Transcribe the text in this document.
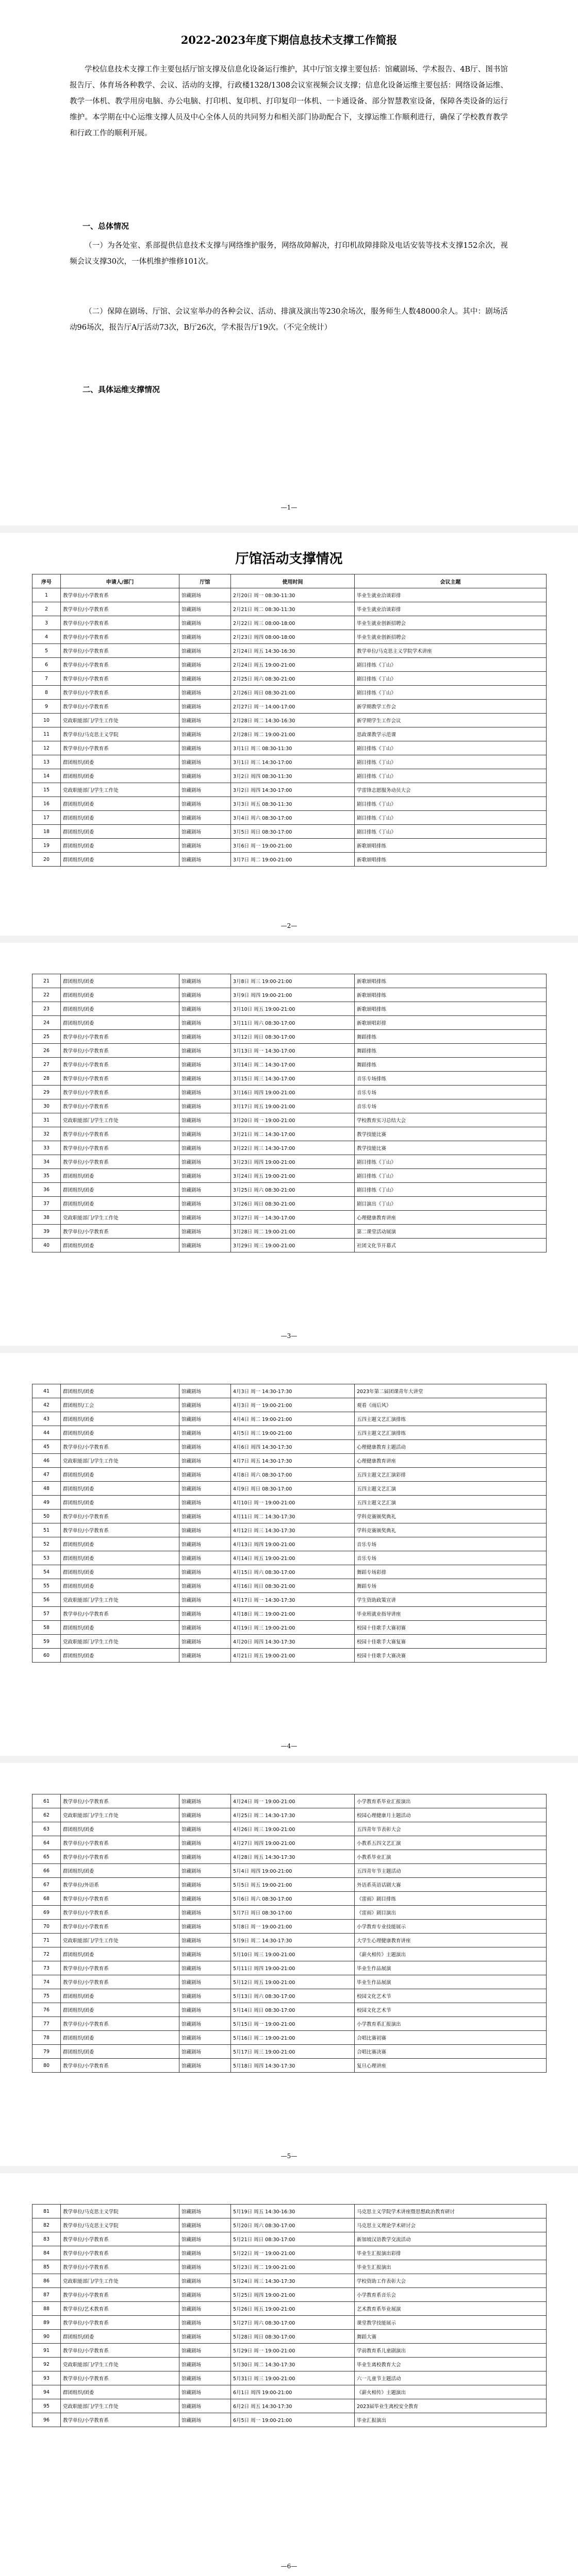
2022-2023年度下期信息技术支撑工作简报
学校信息技术支撑工作主要包括厅馆支撑及信息化设备运行维护，其中厅馆支撑主要包括：馆藏剧场、学术报告、4B厅、图书馆报告厅、体育场各种教学、会议、活动的支撑，行政楼1328/1308会议室视频会议支撑；信息化设备运维主要包括：网络设备运维、教学一体机、教学用房电脑、办公电脑、打印机、复印机、打印复印一体机、一卡通设备、部分智慧教室设备，保障各类设备的运行维护。本学期在中心运维支撑人员及中心全体人员的共同努力和相关部门协助配合下，支撑运维工作顺利进行，确保了学校教育教学和行政工作的顺利开展。
一、总体情况
（一）为各处室、系部提供信息技术支撑与网络维护服务，网络故障解决，打印机故障排除及电话安装等技术支撑152余次，视频会议支撑30次，一体机维护维修101次。
（二）保障在剧场、厅馆、会议室举办的各种会议、活动、排演及演出等230余场次，服务师生人数48000余人。其中：剧场活动96场次，报告厅A厅活动73次，B厅26次，学术报告厅19次。（不完全统计）
二、具体运维支撑情况
—1—
厅馆活动支撑情况
序号	申请人/部门	厅馆	使用时间	会议主题
1	教学单位/小学教育系	馆藏剧场	2月20日 周一 08:30-11:30	毕业生就业洽谈彩排
2	教学单位/小学教育系	馆藏剧场	2月21日 周二 08:30-11:30	毕业生就业洽谈彩排
3	教学单位/小学教育系	馆藏剧场	2月22日 周三 08:00-18:00	毕业生就业创新招聘会
4	教学单位/小学教育系	馆藏剧场	2月23日 周四 08:00-18:00	毕业生就业创新招聘会
5	教学单位/小学教育系	馆藏剧场	2月24日 周五 14:30-16:30	教学单位/马克思主义学院学术讲座
6	教学单位/小学教育系	馆藏剧场	2月24日 周五 19:00-21:00	剧目排练《丁山》
7	教学单位/小学教育系	馆藏剧场	2月25日 周六 08:30-21:00	剧目排练《丁山》
8	教学单位/小学教育系	馆藏剧场	2月26日 周日 08:30-21:00	剧目排练《丁山》
9	教学单位/小学教育系	馆藏剧场	2月27日 周一 14:00-17:00	新学期教学工作会
10	党政职能部门/学生工作处	馆藏剧场	2月28日 周二 14:30-16:30	新学期学生工作会议
11	教学单位/马克思主义学院	馆藏剧场	2月28日 周二 19:00-21:00	思政课教学示范课
12	教学单位/小学教育系	馆藏剧场	3月1日 周三 08:30-11:30	剧目排练《丁山》
13	群团组织/团委	馆藏剧场	3月1日 周三 14:30-17:00	剧目排练《丁山》
14	群团组织/团委	馆藏剧场	3月2日 周四 08:30-11:30	剧目排练《丁山》
15	党政职能部门/学生工作处	馆藏剧场	3月2日 周四 14:30-17:00	学雷锋志愿服务动员大会
16	群团组织/团委	馆藏剧场	3月3日 周五 08:30-11:30	剧目排练《丁山》
17	群团组织/团委	馆藏剧场	3月4日 周六 08:30-17:00	剧目排练《丁山》
18	群团组织/团委	馆藏剧场	3月5日 周日 08:30-17:00	剧目排练《丁山》
19	群团组织/团委	馆藏剧场	3月6日 周一 19:00-21:00	新歌颂唱排练
20	群团组织/团委	馆藏剧场	3月7日 周二 19:00-21:00	新歌颂唱排练
—2—
21	群团组织/团委	馆藏剧场	3月8日 周三 19:00-21:00	新歌颂唱排练
22	群团组织/团委	馆藏剧场	3月9日 周四 19:00-21:00	新歌颂唱排练
23	群团组织/团委	馆藏剧场	3月10日 周五 19:00-21:00	新歌颂唱排练
24	群团组织/团委	馆藏剧场	3月11日 周六 08:30-17:00	新歌颂唱彩排
25	教学单位/小学教育系	馆藏剧场	3月12日 周日 08:30-17:00	舞蹈排练
26	教学单位/小学教育系	馆藏剧场	3月13日 周一 14:30-17:00	舞蹈排练
27	教学单位/小学教育系	馆藏剧场	3月14日 周二 14:30-17:00	舞蹈排练
28	教学单位/小学教育系	馆藏剧场	3月15日 周三 14:30-17:00	音乐专场排练
29	教学单位/小学教育系	馆藏剧场	3月16日 周四 19:00-21:00	音乐专场
30	教学单位/小学教育系	馆藏剧场	3月17日 周五 19:00-21:00	音乐专场
31	党政职能部门/学生工作处	馆藏剧场	3月20日 周一 19:00-21:00	学校教育实习总结大会
32	教学单位/小学教育系	馆藏剧场	3月21日 周二 14:30-17:00	教学技能比赛
33	教学单位/小学教育系	馆藏剧场	3月22日 周三 14:30-17:00	教学技能比赛
34	教学单位/小学教育系	馆藏剧场	3月23日 周四 19:00-21:00	剧目排练《丁山》
35	群团组织/团委	馆藏剧场	3月24日 周五 19:00-21:00	剧目排练《丁山》
36	群团组织/团委	馆藏剧场	3月25日 周六 08:30-21:00	剧目排练《丁山》
37	群团组织/团委	馆藏剧场	3月26日 周日 08:30-21:00	剧目演出《丁山》
38	党政职能部门/学生工作处	馆藏剧场	3月27日 周一 14:30-17:00	心理健康教育讲座
39	教学单位/小学教育系	馆藏剧场	3月28日 周二 19:00-21:00	第二课堂活动展演
40	群团组织/团委	馆藏剧场	3月29日 周三 19:00-21:00	社团文化节开幕式
—3—
41	群团组织/团委	馆藏剧场	4月3日 周一 14:30-17:30	2023年第二届团课青年大讲堂
42	群团组织/工会	馆藏剧场	4月3日 周一 19:00-21:00	观看《雨后风》
43	群团组织/团委	馆藏剧场	4月4日 周二 19:00-21:00	五四主题文艺汇演排练
44	群团组织/团委	馆藏剧场	4月5日 周三 19:00-21:00	五四主题文艺汇演排练
45	教学单位/小学教育系	馆藏剧场	4月6日 周四 14:30-17:30	心理健康教育主题活动
46	党政职能部门/学生工作处	馆藏剧场	4月7日 周五 14:30-17:30	心理健康教育讲座
47	群团组织/团委	馆藏剧场	4月8日 周六 08:30-17:00	五四主题文艺汇演彩排
48	群团组织/团委	馆藏剧场	4月9日 周日 08:30-17:00	五四主题文艺汇演
49	群团组织/团委	馆藏剧场	4月10日 周一 19:00-21:00	五四主题文艺汇演
50	教学单位/小学教育系	馆藏剧场	4月11日 周二 14:30-17:30	学科竞赛颁奖典礼
51	教学单位/小学教育系	馆藏剧场	4月12日 周三 14:30-17:30	学科竞赛颁奖典礼
52	群团组织/团委	馆藏剧场	4月13日 周四 19:00-21:00	音乐专场
53	群团组织/团委	馆藏剧场	4月14日 周五 19:00-21:00	音乐专场
54	群团组织/团委	馆藏剧场	4月15日 周六 08:30-17:00	舞蹈专场彩排
55	群团组织/团委	馆藏剧场	4月16日 周日 08:30-21:00	舞蹈专场
56	党政职能部门/学生工作处	馆藏剧场	4月17日 周一 14:30-17:30	学生资助政策宣讲
57	教学单位/小学教育系	馆藏剧场	4月18日 周二 19:00-21:00	毕业班就业指导讲座
58	群团组织/团委	馆藏剧场	4月19日 周三 19:00-21:00	校园十佳歌手大赛初赛
59	党政职能部门/学生工作处	馆藏剧场	4月20日 周四 14:30-17:30	校园十佳歌手大赛复赛
60	群团组织/团委	馆藏剧场	4月21日 周五 19:00-21:00	校园十佳歌手大赛决赛
—4—
61	教学单位/小学教育系	馆藏剧场	4月24日 周一 19:00-21:00	小学教育系毕业汇报演出
62	党政职能部门/学生工作处	馆藏剧场	4月25日 周二 14:30-17:30	校园心理健康月主题活动
63	群团组织/团委	馆藏剧场	4月26日 周三 19:00-21:00	五四青年节表彰大会
64	教学单位/小学教育系	馆藏剧场	4月27日 周四 19:00-21:00	小教系五四文艺汇演
65	教学单位/小学教育系	馆藏剧场	4月28日 周五 14:30-17:30	小教系毕业汇演
66	群团组织/团委	馆藏剧场	5月4日 周四 19:00-21:00	五四青年节主题活动
67	教学单位/外语系	馆藏剧场	5月5日 周五 19:00-21:00	外语系英语话剧大赛
68	教学单位/小学教育系	馆藏剧场	5月6日 周六 08:30-17:00	《雷雨》剧目排练
69	教学单位/小学教育系	馆藏剧场	5月7日 周日 08:30-17:00	《雷雨》剧目演出
70	教学单位/小学教育系	馆藏剧场	5月8日 周一 19:00-21:00	小学教育专业技能展示
71	党政职能部门/学生工作处	馆藏剧场	5月9日 周二 14:30-17:30	大学生心理健康教育讲座
72	群团组织/团委	馆藏剧场	5月10日 周三 19:00-21:00	《薪火相传》主题演出
73	教学单位/小学教育系	馆藏剧场	5月11日 周四 19:00-21:00	毕业生作品展演
74	教学单位/小学教育系	馆藏剧场	5月12日 周五 19:00-21:00	毕业生作品展演
75	群团组织/团委	馆藏剧场	5月13日 周六 08:30-17:00	校园文化艺术节
76	群团组织/团委	馆藏剧场	5月14日 周日 08:30-17:00	校园文化艺术节
77	教学单位/小学教育系	馆藏剧场	5月15日 周一 19:00-21:00	小学教育系汇报演出
78	群团组织/团委	馆藏剧场	5月16日 周二 19:00-21:00	合唱比赛初赛
79	群团组织/团委	馆藏剧场	5月17日 周三 19:00-21:00	合唱比赛决赛
80	教学单位/小学教育系	馆藏剧场	5月18日 周四 14:30-17:30	复旦心理讲座
—5—
81	教学单位/马克思主义学院	馆藏剧场	5月19日 周五 14:30-16:30	马克思主义学院学术讲座暨思想政治教育研讨
82	教学单位/马克思主义学院	馆藏剧场	5月20日 周六 08:30-17:00	马克思主义理论学术研讨会
83	教学单位/小学教育系	馆藏剧场	5月21日 周日 08:30-17:00	新加坡汉语教学交流活动
84	教学单位/小学教育系	馆藏剧场	5月22日 周一 19:00-21:00	毕业生汇报演出彩排
85	教学单位/小学教育系	馆藏剧场	5月23日 周二 19:00-21:00	毕业生汇报演出
86	党政职能部门/学生工作处	馆藏剧场	5月24日 周三 14:30-17:30	学校资助工作表彰大会
87	教学单位/小学教育系	馆藏剧场	5月25日 周四 19:00-21:00	小学教育系音乐会
88	教学单位/艺术教育系	馆藏剧场	5月26日 周五 19:00-21:00	艺术教育系毕业展演
89	教学单位/小学教育系	馆藏剧场	5月27日 周六 08:30-17:00	课堂教学技能展示
90	群团组织/团委	馆藏剧场	5月28日 周日 08:30-17:00	舞蹈大赛
91	教学单位/小学教育系	馆藏剧场	5月29日 周一 19:00-21:00	学前教育系儿童剧演出
92	党政职能部门/学生工作处	馆藏剧场	5月30日 周二 14:30-17:30	毕业生离校教育大会
93	教学单位/小学教育系	馆藏剧场	5月31日 周三 19:00-21:00	六一儿童节主题活动
94	群团组织/团委	馆藏剧场	6月1日 周四 19:00-21:00	《薪火相传》主题演出
95	党政职能部门/学生工作处	馆藏剧场	6月2日 周五 14:30-17:30	2023届毕业生离校安全教育
96	教学单位/小学教育系	馆藏剧场	6月5日 周一 19:00-21:00	毕业汇报演出
—6—
